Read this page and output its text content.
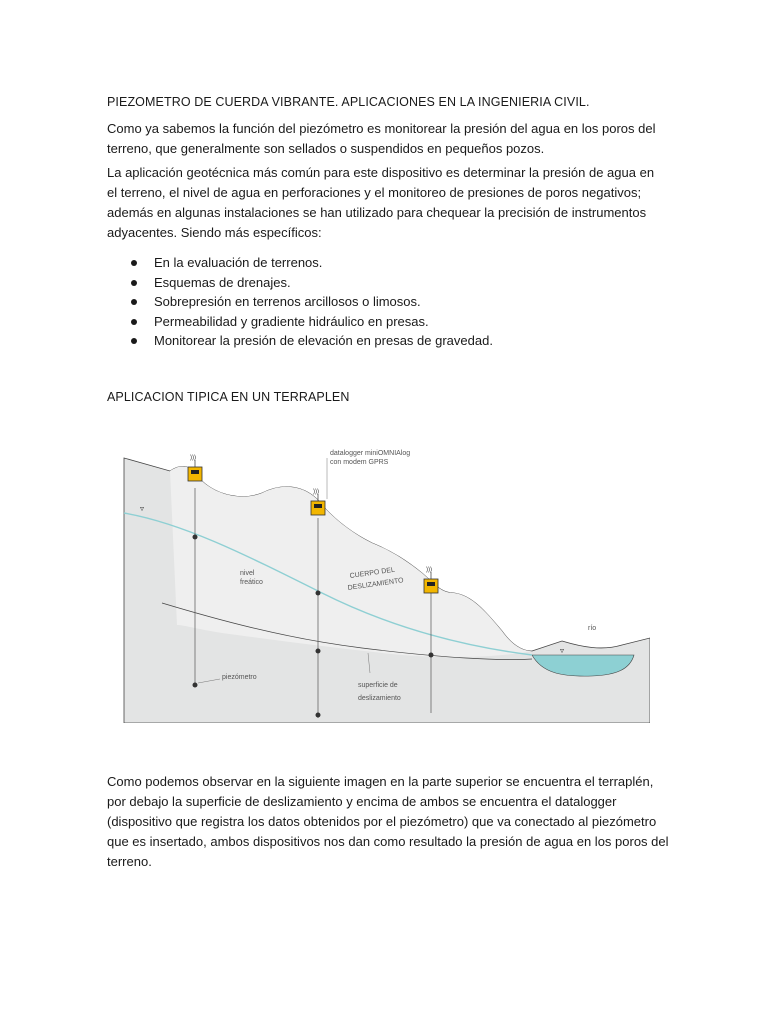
PIEZOMETRO DE CUERDA VIBRANTE. APLICACIONES EN LA INGENIERIA CIVIL.

Como ya sabemos la función del piezómetro es monitorear la presión del agua en los poros del terreno, que generalmente son sellados o suspendidos en pequeños pozos.

La aplicación geotécnica más común para este dispositivo es determinar la presión de agua en el terreno, el nivel de agua en perforaciones y el monitoreo de presiones de poros negativos; además en algunas instalaciones se han utilizado para chequear la precisión de instrumentos adyacentes. Siendo más específicos:

En la evaluación de terrenos.
Esquemas de drenajes.
Sobrepresión en terrenos arcillosos o limosos.
Permeabilidad y gradiente hidráulico en presas.
Monitorear la presión de elevación en presas de gravedad.

APLICACION TIPICA EN UN TERRAPLEN

▿
▿
)))
)))
)))
datalogger miniOMNIAlog
con modem GPRS
nivel
freático
CUERPO DEL
DESLIZAMIENTO
río
piezómetro
superficie de
deslizamiento

Como podemos observar en la siguiente imagen en la parte superior se encuentra el terraplén, por debajo la superficie de deslizamiento y encima de ambos se encuentra el datalogger (dispositivo que registra los datos obtenidos por el piezómetro) que va conectado al piezómetro que es insertado, ambos dispositivos nos dan como resultado la presión de agua en los poros del terreno.
